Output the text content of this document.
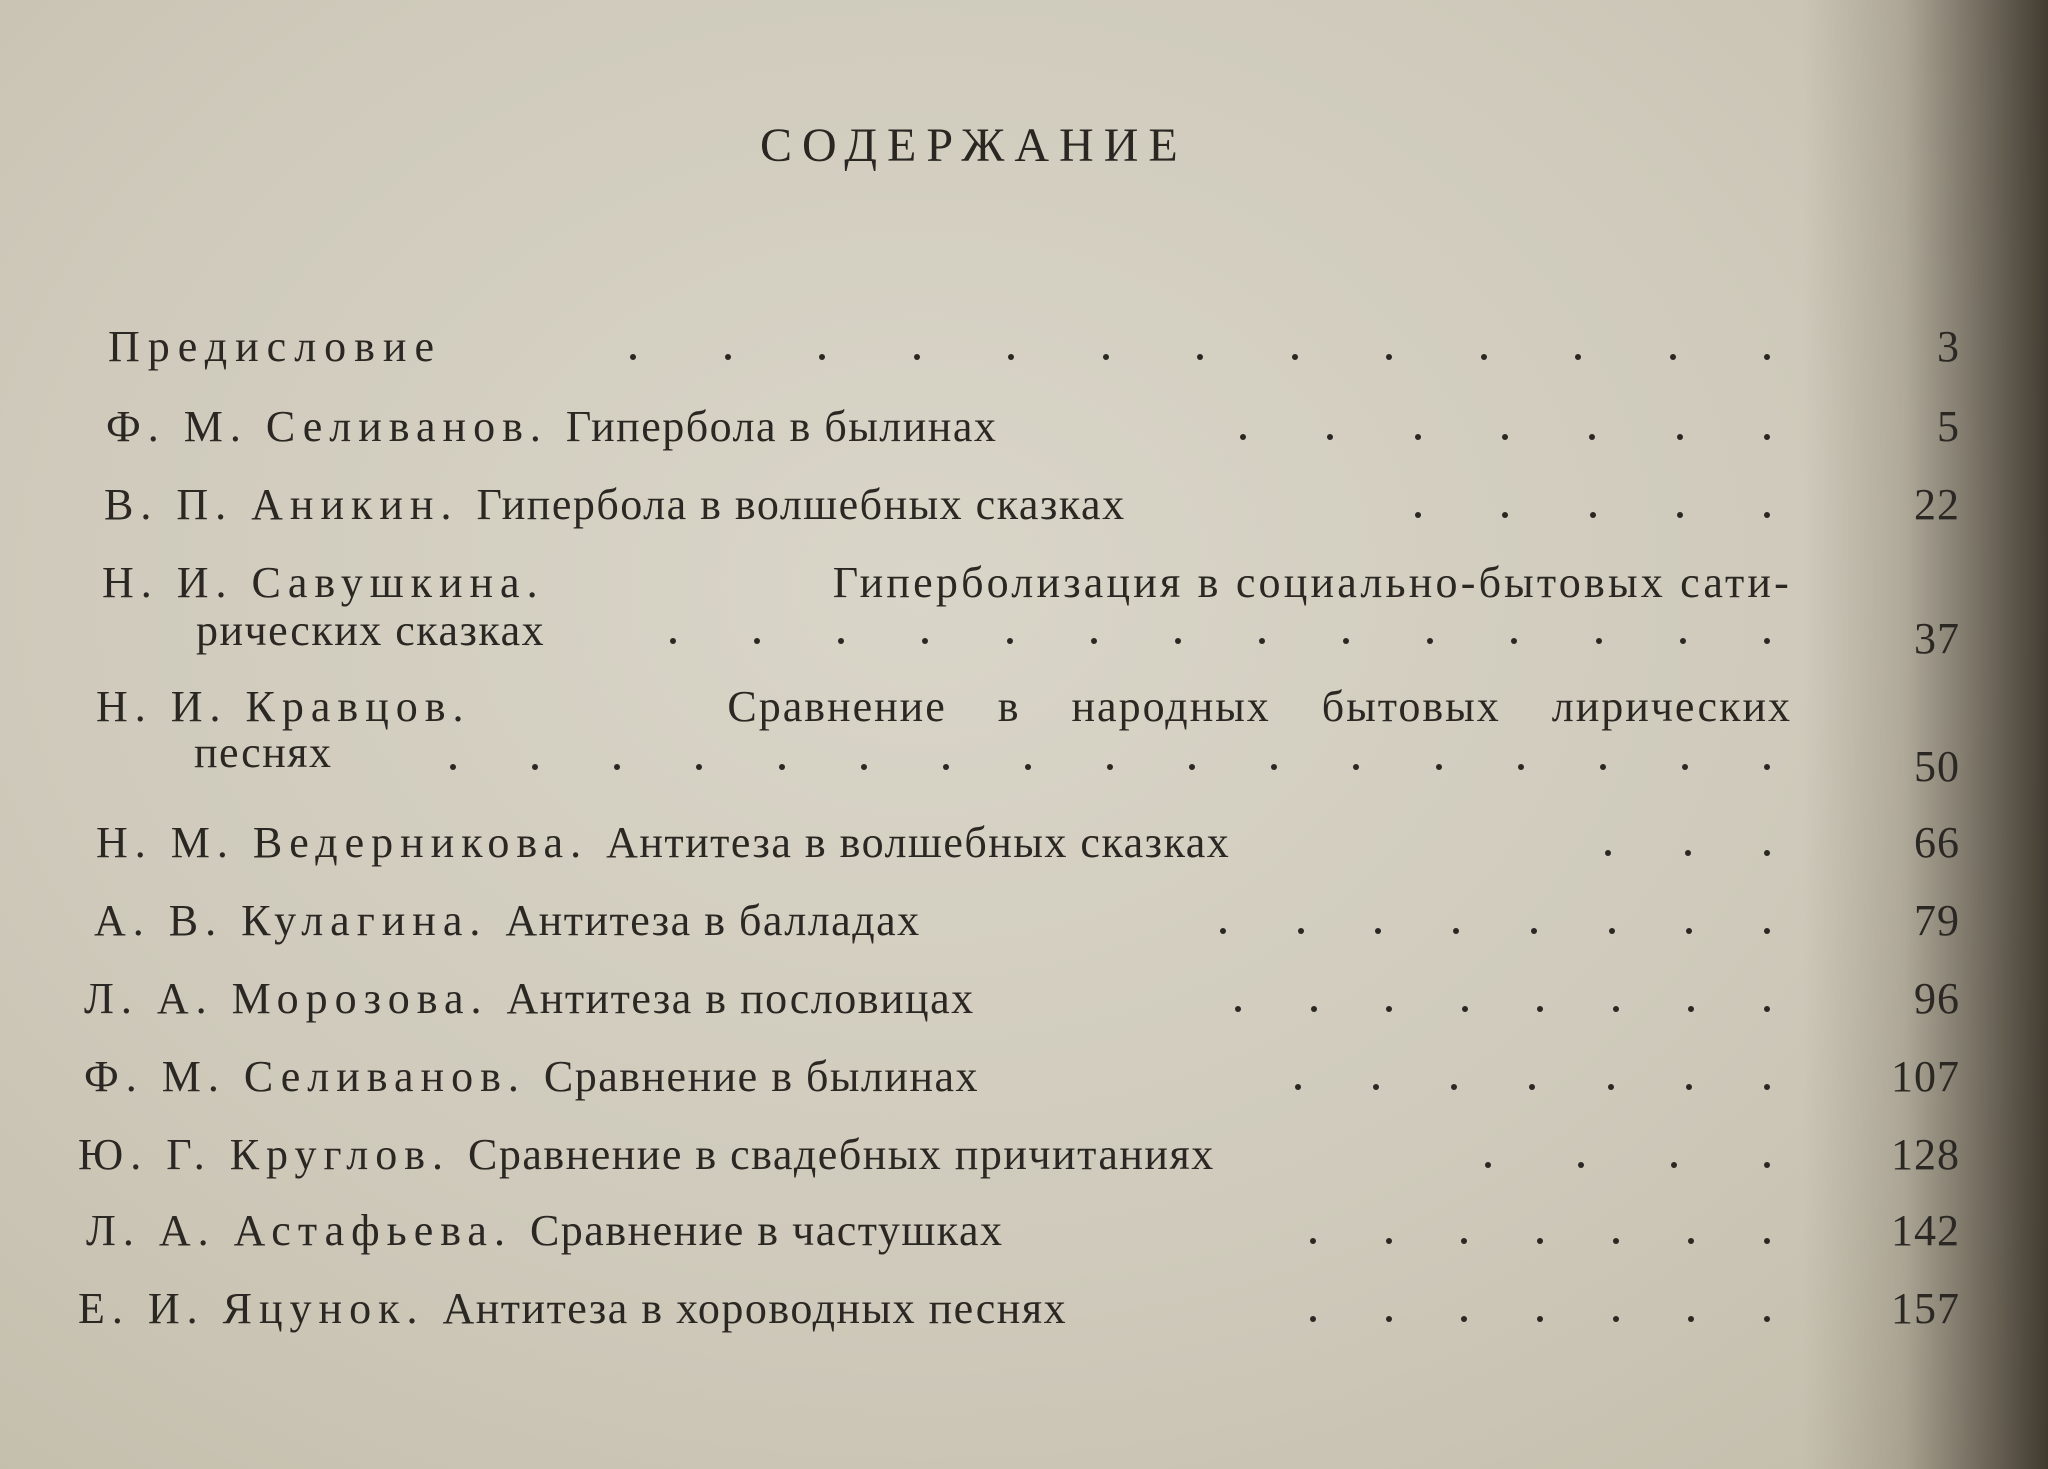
СОДЕРЖАНИЕ
Предисловие	3
Ф. М. Селиванов. Гипербола в былинах	5
В. П. Аникин. Гипербола в волшебных сказках	22
Н. И. Савушкина.	Гиперболизация в социально-бытовых сати-
рических сказках	37
Н. И. Кравцов.	Сравнение в народных бытовых лирических
песнях	50
Н. М. Ведерникова. Антитеза в волшебных сказках	66
А. В. Кулагина. Антитеза в балладах	79
Л. А. Морозова. Антитеза в пословицах	96
Ф. М. Селиванов. Сравнение в былинах	107
Ю. Г. Круглов. Сравнение в свадебных причитаниях	128
Л. А. Астафьева. Сравнение в частушках	142
Е. И. Яцунок. Антитеза в хороводных песнях	157
